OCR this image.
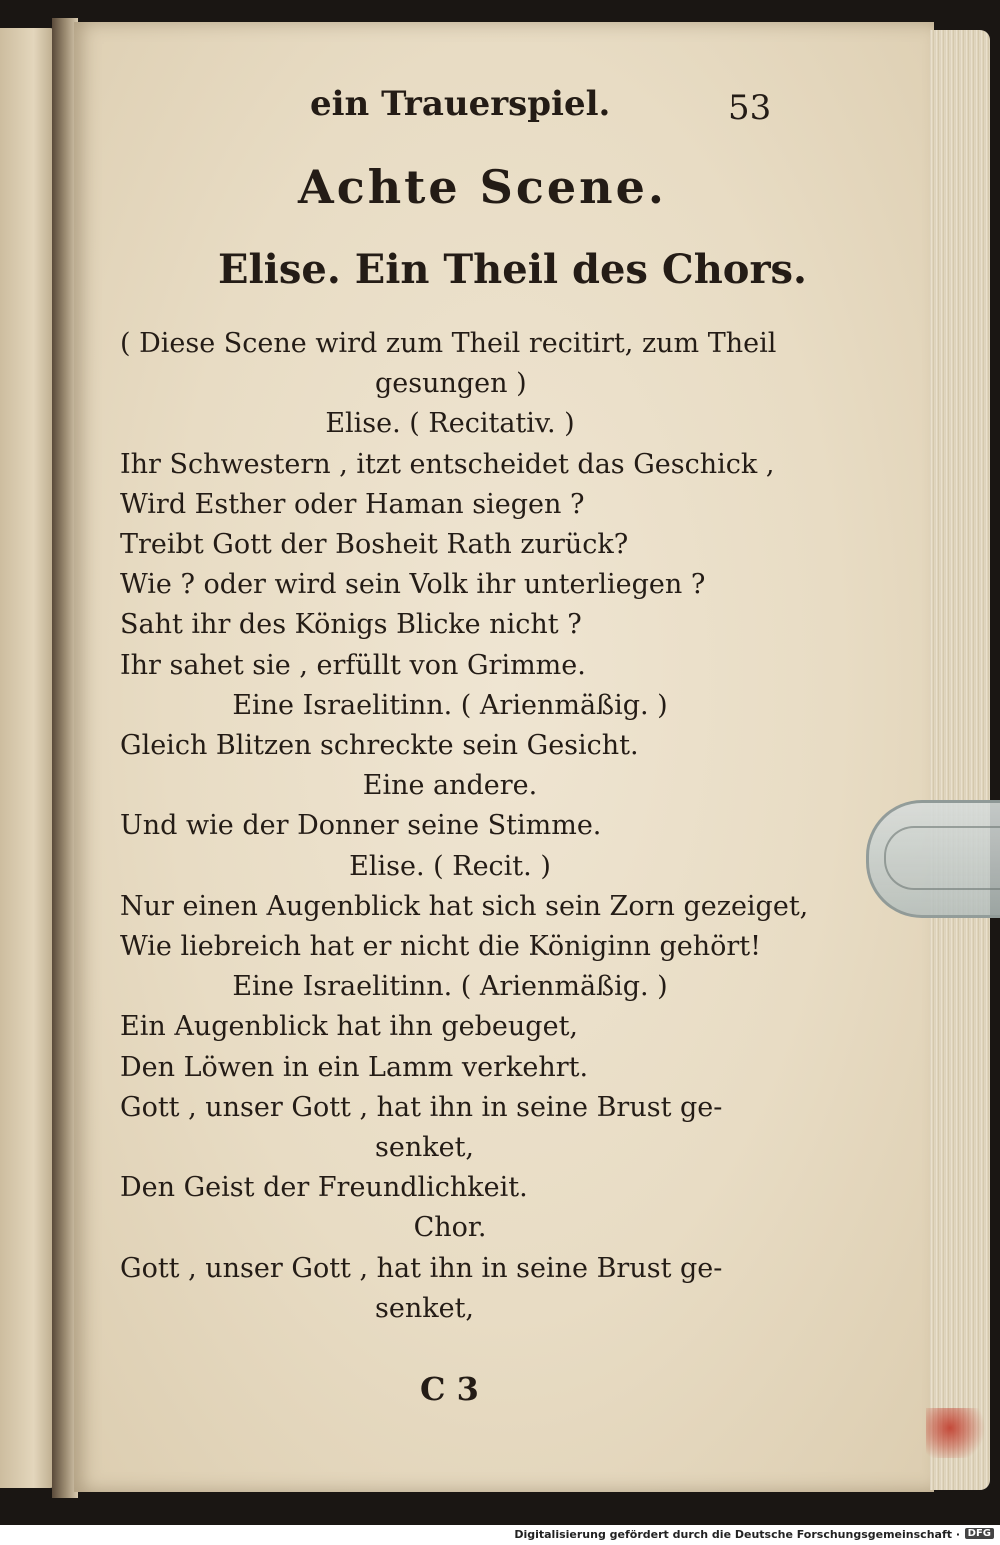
ein Trauerspiel.	53
Achte Scene.
Elise. Ein Theil des Chors.
( Diese Scene wird zum Theil recitirt, zum Theil
gesungen )
Elise. ( Recitativ. )
Ihr Schwestern , itzt entscheidet das Geschick ,
Wird Esther oder Haman siegen ?
Treibt Gott der Bosheit Rath zurück?
Wie ? oder wird sein Volk ihr unterliegen ?
Saht ihr des Königs Blicke nicht ?
Ihr sahet sie , erfüllt von Grimme.
Eine Israelitinn. ( Arienmäßig. )
Gleich Blitzen schreckte sein Gesicht.
Eine andere.
Und wie der Donner seine Stimme.
Elise. ( Recit. )
Nur einen Augenblick hat sich sein Zorn gezeiget,
Wie liebreich hat er nicht die Königinn gehört!
Eine Israelitinn. ( Arienmäßig. )
Ein Augenblick hat ihn gebeuget,
Den Löwen in ein Lamm verkehrt.
Gott , unser Gott , hat ihn in seine Brust ge-
senket,
Den Geist der Freundlichkeit.
Chor.
Gott , unser Gott , hat ihn in seine Brust ge-
senket,
C 3
Digitalisierung gefördert durch die Deutsche Forschungsgemeinschaft · DFG
